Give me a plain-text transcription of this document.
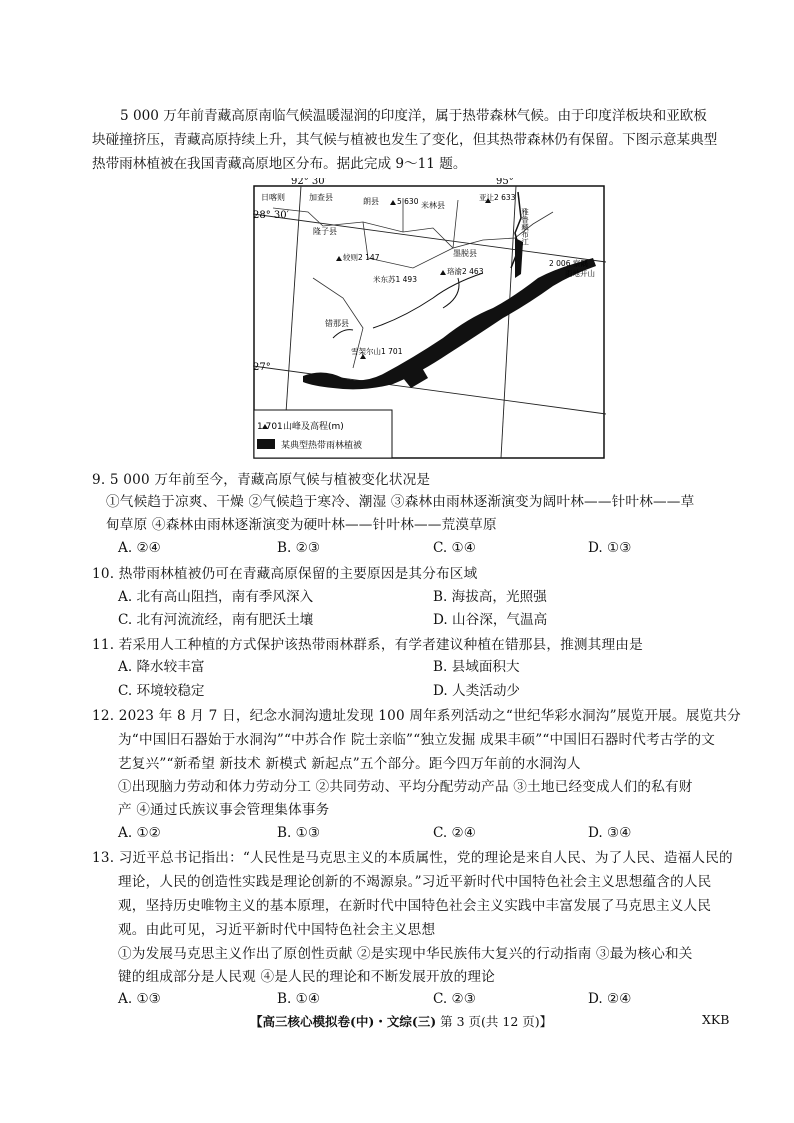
5 000 万年前青藏高原南临气候温暖湿润的印度洋，属于热带森林气候。由于印度洋板块和亚欧板
块碰撞挤压，青藏高原持续上升，其气候与植被也发生了变化，但其热带森林仍有保留。下图示意某典型
热带雨林植被在我国青藏高原地区分布。据此完成 9～11 题。
92° 30′	95°
28° 30′
27°
日喀则	加查县	朗县	米林县
隆子县
墨脱县
错那县
5 630	亚让2 633
较则2 147
珞渝2 463
米东苏1 493
2 006 察隅
雨地开山
雅鲁藏布江
雪架尔山1 701
1 701 山峰及高程(m)
某典型热带雨林植被
9. 5 000 万年前至今，青藏高原气候与植被变化状况是
①气候趋于凉爽、干燥 ②气候趋于寒冷、潮湿 ③森林由雨林逐渐演变为阔叶林——针叶林——草
甸草原 ④森林由雨林逐渐演变为硬叶林——针叶林——荒漠草原
A. ②④	B. ②③	C. ①④	D. ①③
10. 热带雨林植被仍可在青藏高原保留的主要原因是其分布区域
A. 北有高山阻挡，南有季风深入	B. 海拔高，光照强
C. 北有河流流经，南有肥沃土壤	D. 山谷深，气温高
11. 若采用人工种植的方式保护该热带雨林群系，有学者建议种植在错那县，推测其理由是
A. 降水较丰富	B. 县域面积大
C. 环境较稳定	D. 人类活动少
12. 2023 年 8 月 7 日，纪念水洞沟遗址发现 100 周年系列活动之“世纪华彩水洞沟”展览开展。展览共分
为“中国旧石器始于水洞沟”“中苏合作 院士亲临”“独立发掘 成果丰硕”“中国旧石器时代考古学的文
艺复兴”“新希望 新技术 新模式 新起点”五个部分。距今四万年前的水洞沟人
①出现脑力劳动和体力劳动分工 ②共同劳动、平均分配劳动产品 ③土地已经变成人们的私有财
产 ④通过氏族议事会管理集体事务
A. ①②	B. ①③	C. ②④	D. ③④
13. 习近平总书记指出：“人民性是马克思主义的本质属性，党的理论是来自人民、为了人民、造福人民的
理论，人民的创造性实践是理论创新的不竭源泉。”习近平新时代中国特色社会主义思想蕴含的人民
观，坚持历史唯物主义的基本原理，在新时代中国特色社会主义实践中丰富发展了马克思主义人民
观。由此可见，习近平新时代中国特色社会主义思想
①为发展马克思主义作出了原创性贡献 ②是实现中华民族伟大复兴的行动指南 ③最为核心和关
键的组成部分是人民观 ④是人民的理论和不断发展开放的理论
A. ①③	B. ①④	C. ②③	D. ②④
【高三核心模拟卷(中)・文综(三) 第 3 页(共 12 页)】	XKB
